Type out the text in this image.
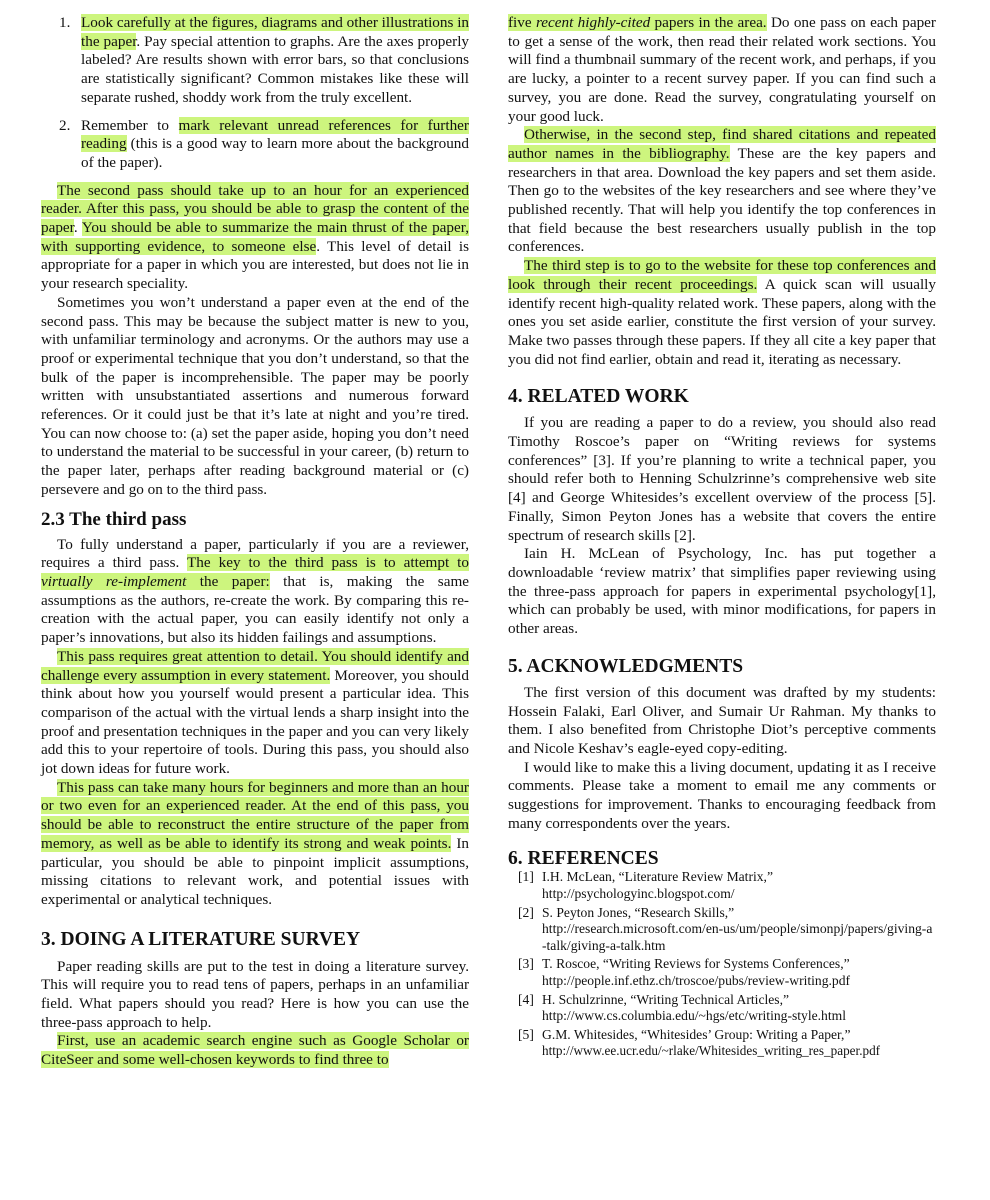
1. Look carefully at the figures, diagrams and other illustrations in the paper. Pay special attention to graphs. Are the axes properly labeled? Are results shown with error bars, so that conclusions are statistically significant? Common mistakes like these will separate rushed, shoddy work from the truly excellent.
2. Remember to mark relevant unread references for further reading (this is a good way to learn more about the background of the paper).

The second pass should take up to an hour for an experienced reader. After this pass, you should be able to grasp the content of the paper. You should be able to summarize the main thrust of the paper, with supporting evidence, to someone else. This level of detail is appropriate for a paper in which you are interested, but does not lie in your research speciality.

Sometimes you won’t understand a paper even at the end of the second pass. This may be because the subject matter is new to you, with unfamiliar terminology and acronyms. Or the authors may use a proof or experimental technique that you don’t understand, so that the bulk of the paper is incomprehensible. The paper may be poorly written with unsubstantiated assertions and numerous forward references. Or it could just be that it’s late at night and you’re tired. You can now choose to: (a) set the paper aside, hoping you don’t need to understand the material to be successful in your career, (b) return to the paper later, perhaps after reading background material or (c) persevere and go on to the third pass.

2.3 The third pass

To fully understand a paper, particularly if you are a reviewer, requires a third pass. The key to the third pass is to attempt to virtually re-implement the paper: that is, making the same assumptions as the authors, re-create the work. By comparing this re-creation with the actual paper, you can easily identify not only a paper’s innovations, but also its hidden failings and assumptions.

This pass requires great attention to detail. You should identify and challenge every assumption in every statement. Moreover, you should think about how you yourself would present a particular idea. This comparison of the actual with the virtual lends a sharp insight into the proof and presentation techniques in the paper and you can very likely add this to your repertoire of tools. During this pass, you should also jot down ideas for future work.

This pass can take many hours for beginners and more than an hour or two even for an experienced reader. At the end of this pass, you should be able to reconstruct the entire structure of the paper from memory, as well as be able to identify its strong and weak points. In particular, you should be able to pinpoint implicit assumptions, missing citations to relevant work, and potential issues with experimental or analytical techniques.

3. DOING A LITERATURE SURVEY

Paper reading skills are put to the test in doing a literature survey. This will require you to read tens of papers, perhaps in an unfamiliar field. What papers should you read? Here is how you can use the three-pass approach to help.

First, use an academic search engine such as Google Scholar or CiteSeer and some well-chosen keywords to find three to

five recent highly-cited papers in the area. Do one pass on each paper to get a sense of the work, then read their related work sections. You will find a thumbnail summary of the recent work, and perhaps, if you are lucky, a pointer to a recent survey paper. If you can find such a survey, you are done. Read the survey, congratulating yourself on your good luck.

Otherwise, in the second step, find shared citations and repeated author names in the bibliography. These are the key papers and researchers in that area. Download the key papers and set them aside. Then go to the websites of the key researchers and see where they’ve published recently. That will help you identify the top conferences in that field because the best researchers usually publish in the top conferences.

The third step is to go to the website for these top conferences and look through their recent proceedings. A quick scan will usually identify recent high-quality related work. These papers, along with the ones you set aside earlier, constitute the first version of your survey. Make two passes through these papers. If they all cite a key paper that you did not find earlier, obtain and read it, iterating as necessary.

4. RELATED WORK

If you are reading a paper to do a review, you should also read Timothy Roscoe’s paper on “Writing reviews for systems conferences” [3]. If you’re planning to write a technical paper, you should refer both to Henning Schulzrinne’s comprehensive web site [4] and George Whitesides’s excellent overview of the process [5]. Finally, Simon Peyton Jones has a website that covers the entire spectrum of research skills [2].

Iain H. McLean of Psychology, Inc. has put together a downloadable ‘review matrix’ that simplifies paper reviewing using the three-pass approach for papers in experimental psychology[1], which can probably be used, with minor modifications, for papers in other areas.

5. ACKNOWLEDGMENTS

The first version of this document was drafted by my students: Hossein Falaki, Earl Oliver, and Sumair Ur Rahman. My thanks to them. I also benefited from Christophe Diot’s perceptive comments and Nicole Keshav’s eagle-eyed copy-editing.

I would like to make this a living document, updating it as I receive comments. Please take a moment to email me any comments or suggestions for improvement. Thanks to encouraging feedback from many correspondents over the years.

6. REFERENCES
[1] I.H. McLean, “Literature Review Matrix,”
http://psychologyinc.blogspot.com/
[2] S. Peyton Jones, “Research Skills,”
http://research.microsoft.com/en-us/um/people/simonpj/papers/giving-a-talk/giving-a-talk.htm
[3] T. Roscoe, “Writing Reviews for Systems Conferences,”
http://people.inf.ethz.ch/troscoe/pubs/review-writing.pdf
[4] H. Schulzrinne, “Writing Technical Articles,”
http://www.cs.columbia.edu/~hgs/etc/writing-style.html
[5] G.M. Whitesides, “Whitesides’ Group: Writing a Paper,”
http://www.ee.ucr.edu/~rlake/Whitesides_writing_res_paper.pdf
